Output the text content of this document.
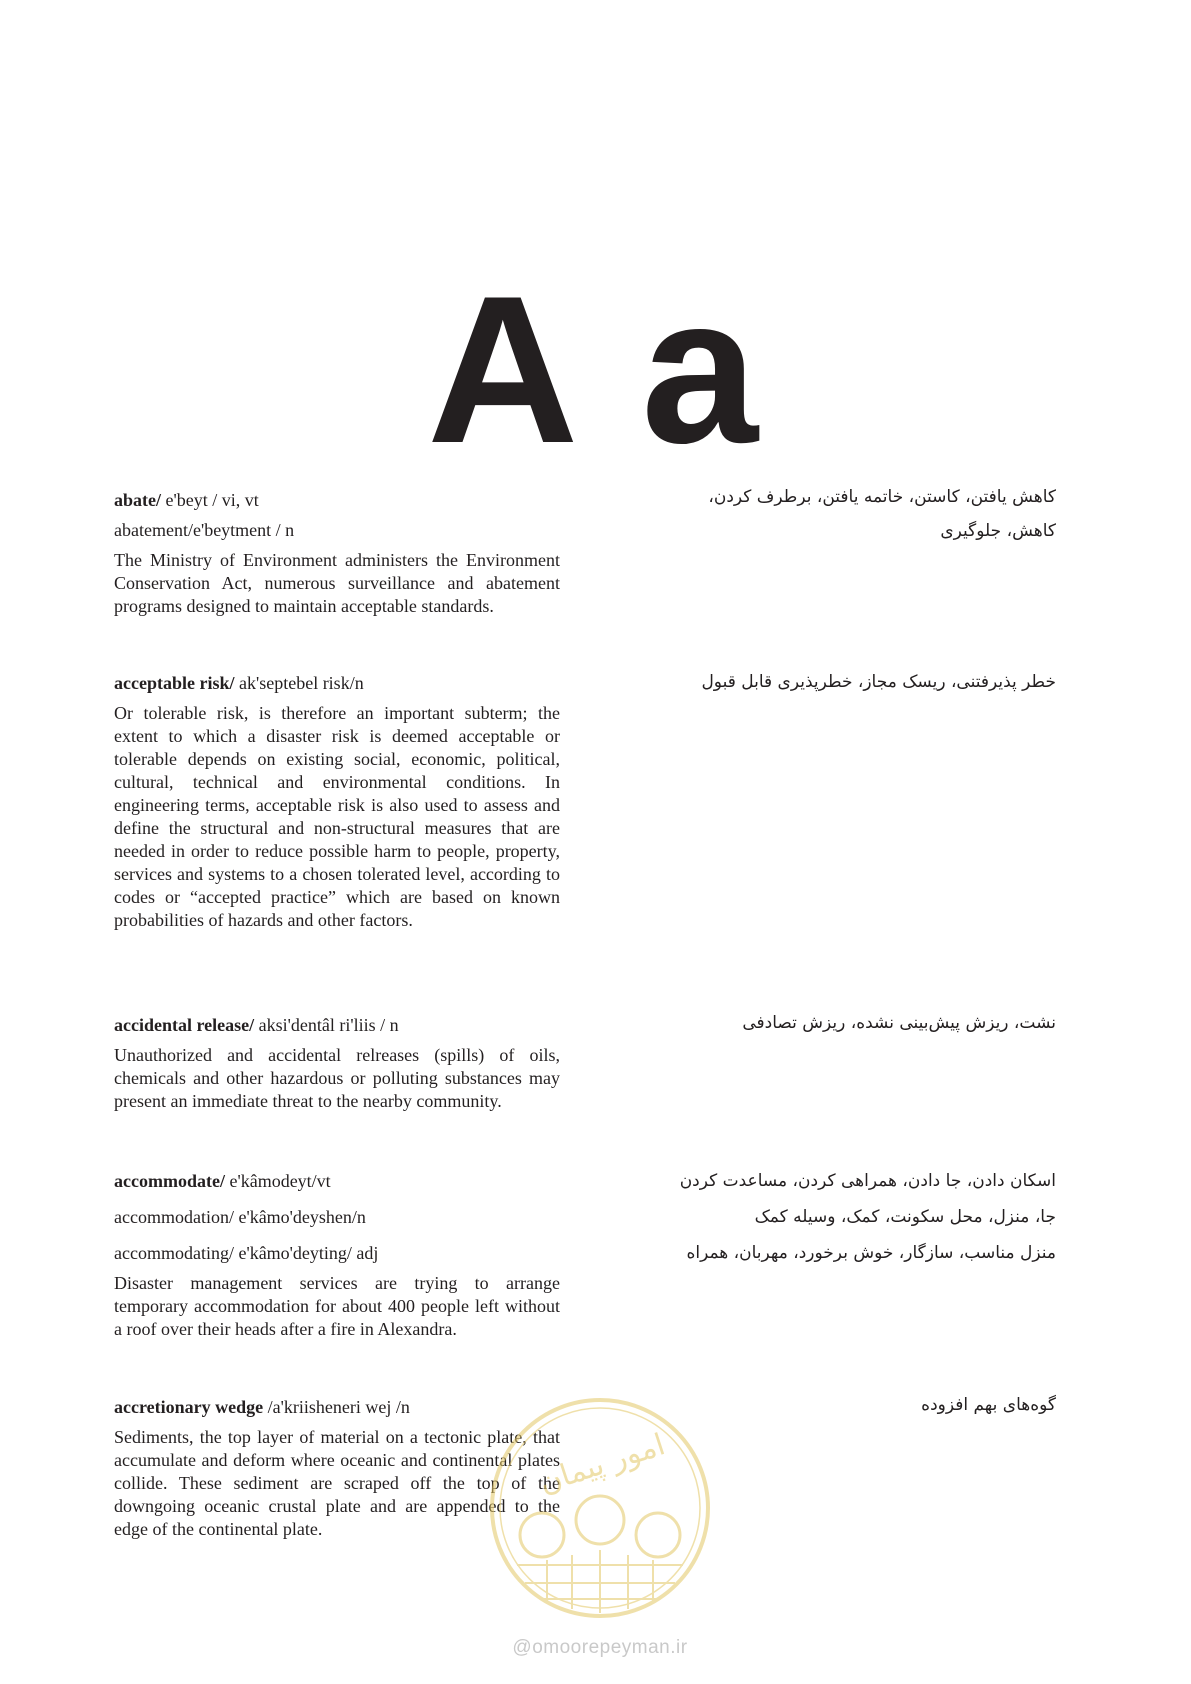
A a
abate/ e'beyt / vi, vt
abatement/e'beytment / n

The Ministry of Environment administers the Environment Conservation Act, numerous surveillance and abatement programs designed to maintain acceptable standards.

کاهش یافتن، کاستن، خاتمه یافتن، برطرف کردن،
کاهش، جلوگیری
acceptable risk/ ak'septebel risk/n

Or tolerable risk, is therefore an important subterm; the extent to which a disaster risk is deemed acceptable or tolerable depends on existing social, economic, political, cultural, technical and environmental conditions. In engineering terms, acceptable risk is also used to assess and define the structural and non-structural measures that are needed in order to reduce possible harm to people, property, services and systems to a chosen tolerated level, according to codes or “accepted practice” which are based on known probabilities of hazards and other factors.

خطر پذیرفتنی، ریسک مجاز، خطرپذیری قابل قبول
accidental release/ aksi'dentâl ri'liis / n

Unauthorized and accidental relreases (spills) of oils, chemicals and other hazardous or polluting substances may present an immediate threat to the nearby community.

نشت، ریزش پیش‌بینی نشده، ریزش تصادفی
accommodate/ e'kâmodeyt/vt
accommodation/ e'kâmo'deyshen/n
accommodating/ e'kâmo'deyting/ adj

Disaster management services are trying to arrange temporary accommodation for about 400 people left without a roof over their heads after a fire in Alexandra.

اسکان دادن، جا دادن، همراهی کردن، مساعدت کردن
جا، منزل، محل سکونت، کمک، وسیله کمک
منزل مناسب، سازگار، خوش برخورد، مهربان، همراه
accretionary wedge /a'kriisheneri wej /n

Sediments, the top layer of material on a tectonic plate, that accumulate and deform where oceanic and continental plates collide. These sediment are scraped off the top of the downgoing oceanic crustal plate and are appended to the edge of the continental plate.

گوه‌های بهم افزوده
امور پیمان
@omoorepeyman.ir
